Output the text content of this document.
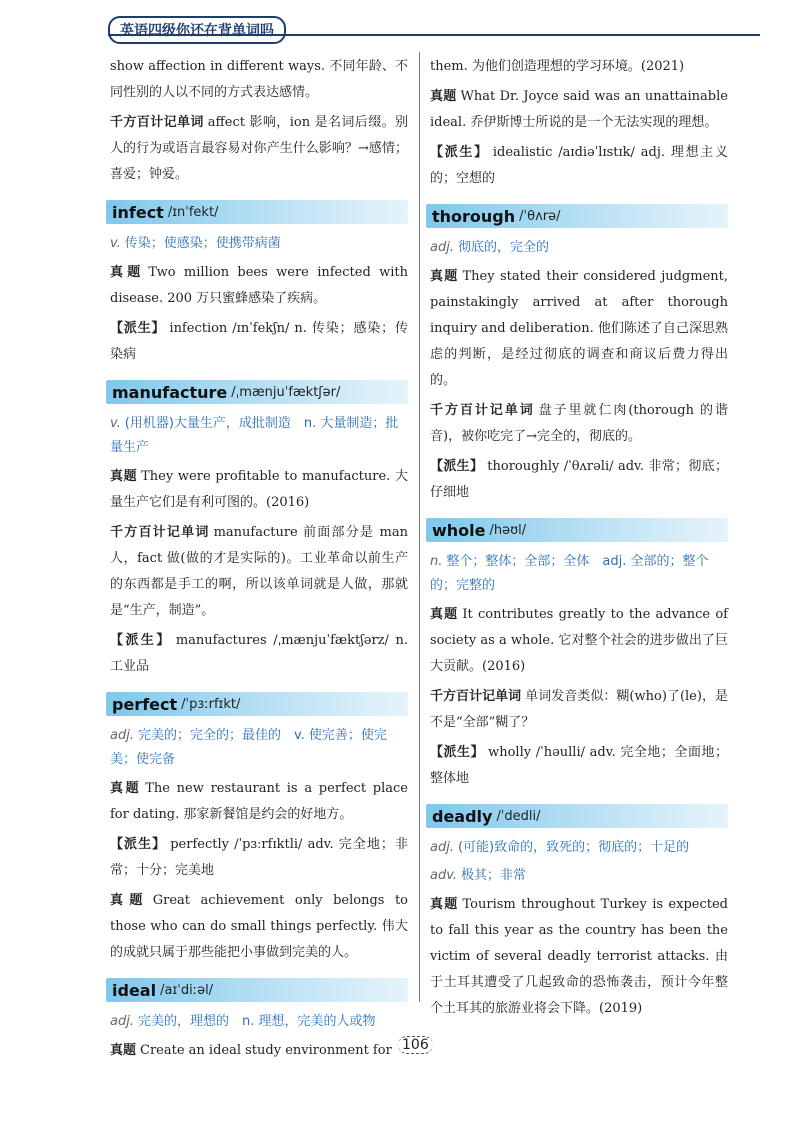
英语四级你还在背单词吗

show affection in different ways. 不同年龄、不同性别的人以不同的方式表达感情。

千方百计记单词 affect 影响，ion 是名词后缀。别人的行为或语言最容易对你产生什么影响？→感情；喜爱；钟爱。

infect /ɪnˈfekt/
v. 传染；使感染；使携带病菌

真题 Two million bees were infected with disease. 200 万只蜜蜂感染了疾病。

【派生】 infection /ɪnˈfekʃn/ n. 传染；感染；传染病

manufacture /ˌmænjuˈfæktʃər/
v. (用机器)大量生产，成批制造　n. 大量制造；批量生产

真题 They were profitable to manufacture. 大量生产它们是有利可图的。(2016)

千方百计记单词 manufacture 前面部分是 man 人，fact 做(做的才是实际的)。工业革命以前生产的东西都是手工的啊，所以该单词就是人做，那就是“生产，制造”。

【派生】 manufactures /ˌmænjuˈfæktʃərz/ n. 工业品

perfect /ˈpɜːrfɪkt/
adj. 完美的；完全的；最佳的　v. 使完善；使完美；使完备

真题 The new restaurant is a perfect place for dating. 那家新餐馆是约会的好地方。

【派生】 perfectly /ˈpɜːrfɪktli/ adv. 完全地；非常；十分；完美地

真题 Great achievement only belongs to those who can do small things perfectly. 伟大的成就只属于那些能把小事做到完美的人。

ideal /aɪˈdiːəl/
adj. 完美的，理想的　n. 理想，完美的人或物

真题 Create an ideal study environment for

them. 为他们创造理想的学习环境。(2021)

真题 What Dr. Joyce said was an unattainable ideal. 乔伊斯博士所说的是一个无法实现的理想。

【派生】 idealistic /aɪdiəˈlɪstɪk/ adj. 理想主义的；空想的

thorough /ˈθʌrə/
adj. 彻底的，完全的

真题 They stated their considered judgment, painstakingly arrived at after thorough inquiry and deliberation. 他们陈述了自己深思熟虑的判断，是经过彻底的调查和商议后费力得出的。

千方百计记单词 盘子里就仁肉(thorough 的谐音)，被你吃完了→完全的，彻底的。

【派生】 thoroughly /ˈθʌrəli/ adv. 非常；彻底；仔细地

whole /həʊl/
n. 整个；整体；全部；全体　adj. 全部的；整个的；完整的

真题 It contributes greatly to the advance of society as a whole. 它对整个社会的进步做出了巨大贡献。(2016)

千方百计记单词 单词发音类似：糊(who)了(le)，是不是“全部”糊了？

【派生】 wholly /ˈhəulli/ adv. 完全地；全面地；整体地

deadly /ˈdedli/
adj. (可能)致命的，致死的；彻底的；十足的
adv. 极其；非常

真题 Tourism throughout Turkey is expected to fall this year as the country has been the victim of several deadly terrorist attacks. 由于土耳其遭受了几起致命的恐怖袭击，预计今年整个土耳其的旅游业将会下降。(2019)

106
